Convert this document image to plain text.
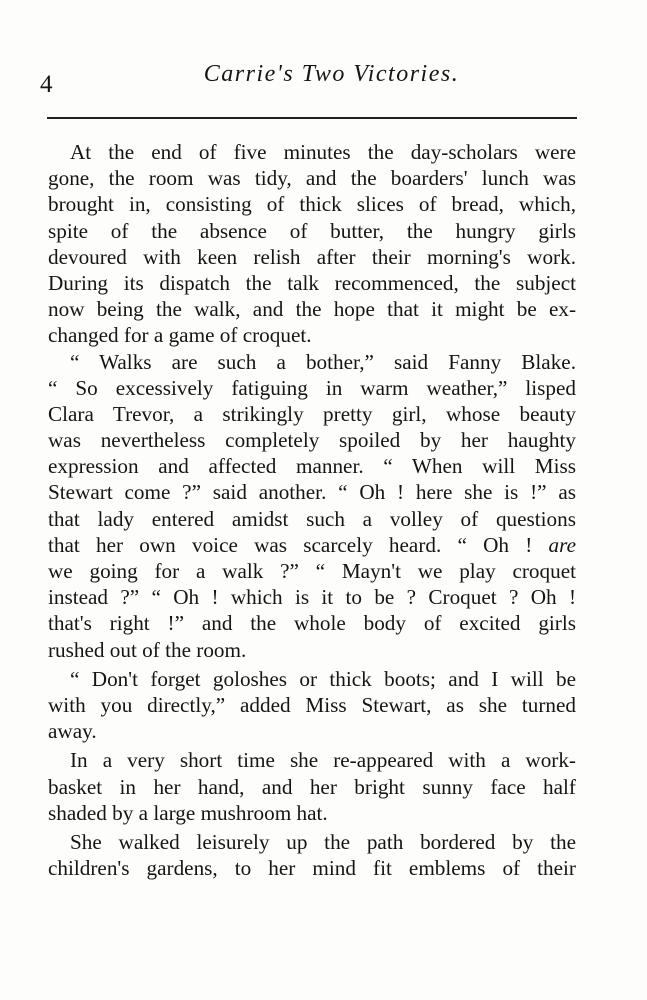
4	Carrie's Two Victories.
At the end of five minutes the day-scholars were
gone, the room was tidy, and the boarders' lunch was
brought in, consisting of thick slices of bread, which,
spite of the absence of butter, the hungry girls
devoured with keen relish after their morning's work.
During its dispatch the talk recommenced, the subject
now being the walk, and the hope that it might be ex-
changed for a game of croquet.
“ Walks are such a bother,” said Fanny Blake.
“ So excessively fatiguing in warm weather,” lisped
Clara Trevor, a strikingly pretty girl, whose beauty
was nevertheless completely spoiled by her haughty
expression and affected manner. “ When will Miss
Stewart come ?” said another. “ Oh ! here she is !” as
that lady entered amidst such a volley of questions
that her own voice was scarcely heard. “ Oh ! are
we going for a walk ?” “ Mayn't we play croquet
instead ?” “ Oh ! which is it to be ? Croquet ? Oh !
that's right !” and the whole body of excited girls
rushed out of the room.
“ Don't forget goloshes or thick boots; and I will be
with you directly,” added Miss Stewart, as she turned
away.
In a very short time she re-appeared with a work-
basket in her hand, and her bright sunny face half
shaded by a large mushroom hat.
She walked leisurely up the path bordered by the
children's gardens, to her mind fit emblems of their
